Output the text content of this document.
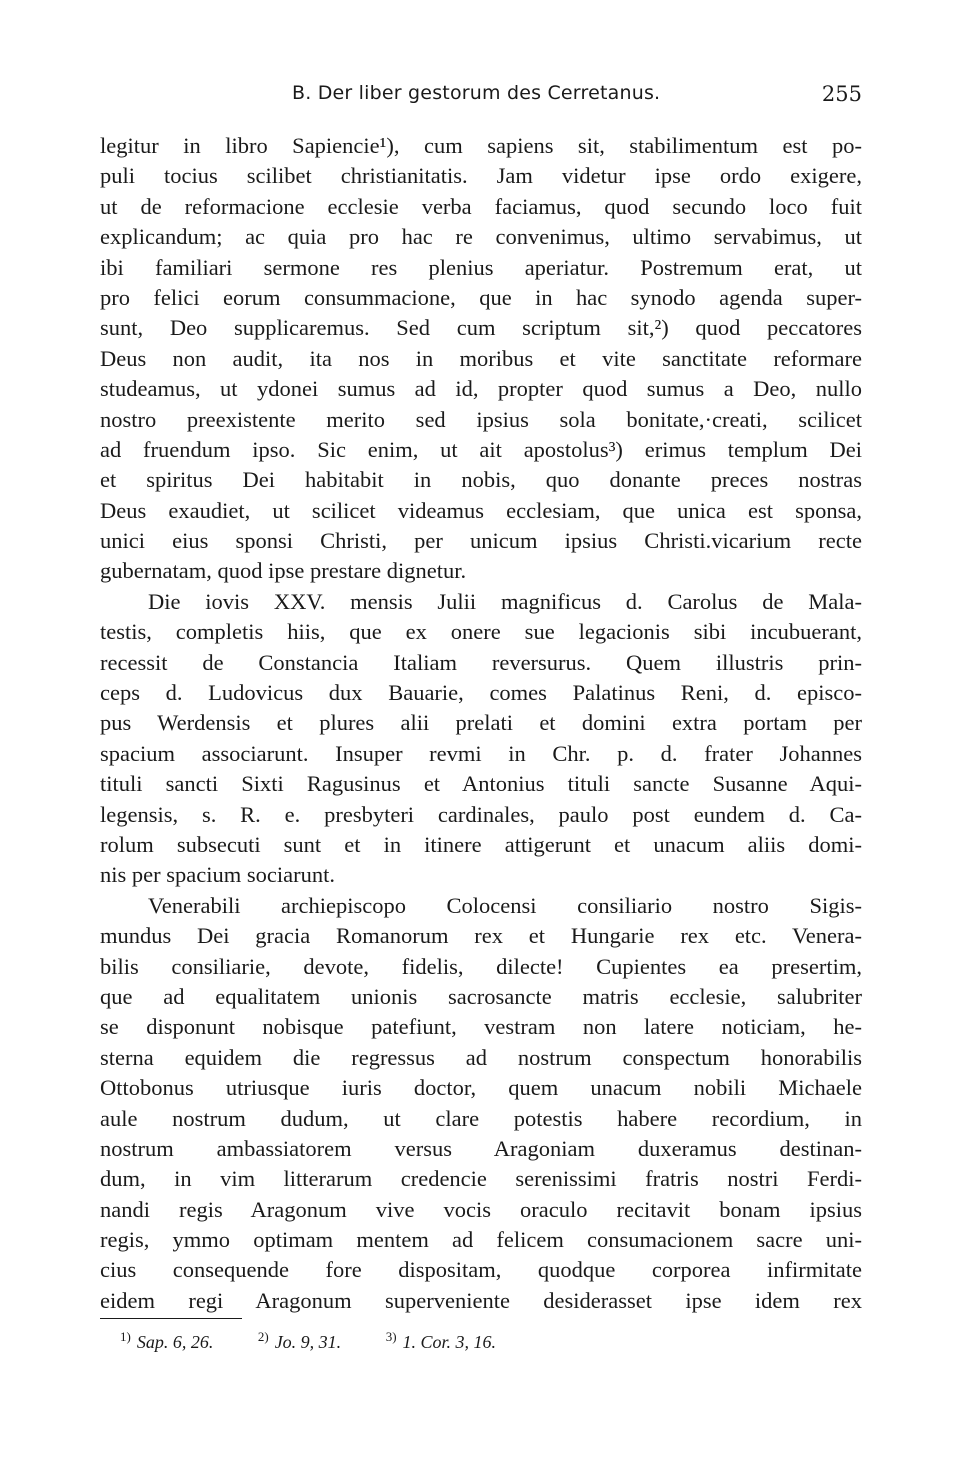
B. Der liber gestorum des Cerretanus.	255
legitur in libro Sapiencie¹), cum sapiens sit, stabilimentum est po-
puli tocius scilibet christianitatis. Jam videtur ipse ordo exigere,
ut de reformacione ecclesie verba faciamus, quod secundo loco fuit
explicandum; ac quia pro hac re convenimus, ultimo servabimus, ut
ibi familiari sermone res plenius aperiatur. Postremum erat, ut
pro felici eorum consummacione, que in hac synodo agenda super-
sunt, Deo supplicaremus. Sed cum scriptum sit,²) quod peccatores
Deus non audit, ita nos in moribus et vite sanctitate reformare
studeamus, ut ydonei sumus ad id, propter quod sumus a Deo, nullo
nostro preexistente merito sed ipsius sola bonitate,·creati, scilicet
ad fruendum ipso. Sic enim, ut ait apostolus³) erimus templum Dei
et spiritus Dei habitabit in nobis, quo donante preces nostras
Deus exaudiet, ut scilicet videamus ecclesiam, que unica est sponsa,
unici eius sponsi Christi, per unicum ipsius Christi.vicarium recte
gubernatam, quod ipse prestare dignetur.
Die iovis XXV. mensis Julii magnificus d. Carolus de Mala-
testis, completis hiis, que ex onere sue legacionis sibi incubuerant,
recessit de Constancia Italiam reversurus. Quem illustris prin-
ceps d. Ludovicus dux Bauarie, comes Palatinus Reni, d. episco-
pus Werdensis et plures alii prelati et domini extra portam per
spacium associarunt. Insuper revmi in Chr. p. d. frater Johannes
tituli sancti Sixti Ragusinus et Antonius tituli sancte Susanne Aqui-
legensis, s. R. e. presbyteri cardinales, paulo post eundem d. Ca-
rolum subsecuti sunt et in itinere attigerunt et unacum aliis domi-
nis per spacium sociarunt.
Venerabili archiepiscopo Colocensi consiliario nostro Sigis-
mundus Dei gracia Romanorum rex et Hungarie rex etc. Venera-
bilis consiliarie, devote, fidelis, dilecte! Cupientes ea presertim,
que ad equalitatem unionis sacrosancte matris ecclesie, salubriter
se disponunt nobisque patefiunt, vestram non latere noticiam, he-
sterna equidem die regressus ad nostrum conspectum honorabilis
Ottobonus utriusque iuris doctor, quem unacum nobili Michaele
aule nostrum dudum, ut clare potestis habere recordium, in
nostrum ambassiatorem versus Aragoniam duxeramus destinan-
dum, in vim litterarum credencie serenissimi fratris nostri Ferdi-
nandi regis Aragonum vive vocis oraculo recitavit bonam ipsius
regis, ymmo optimam mentem ad felicem consumacionem sacre uni-
cius consequende fore dispositam, quodque corporea infirmitate
eidem regi Aragonum superveniente desiderasset ipse idem rex
$^{1)}$ Sap. 6, 26.	$^{2)}$ Jo. 9, 31.	$^{3)}$ 1. Cor. 3, 16.
